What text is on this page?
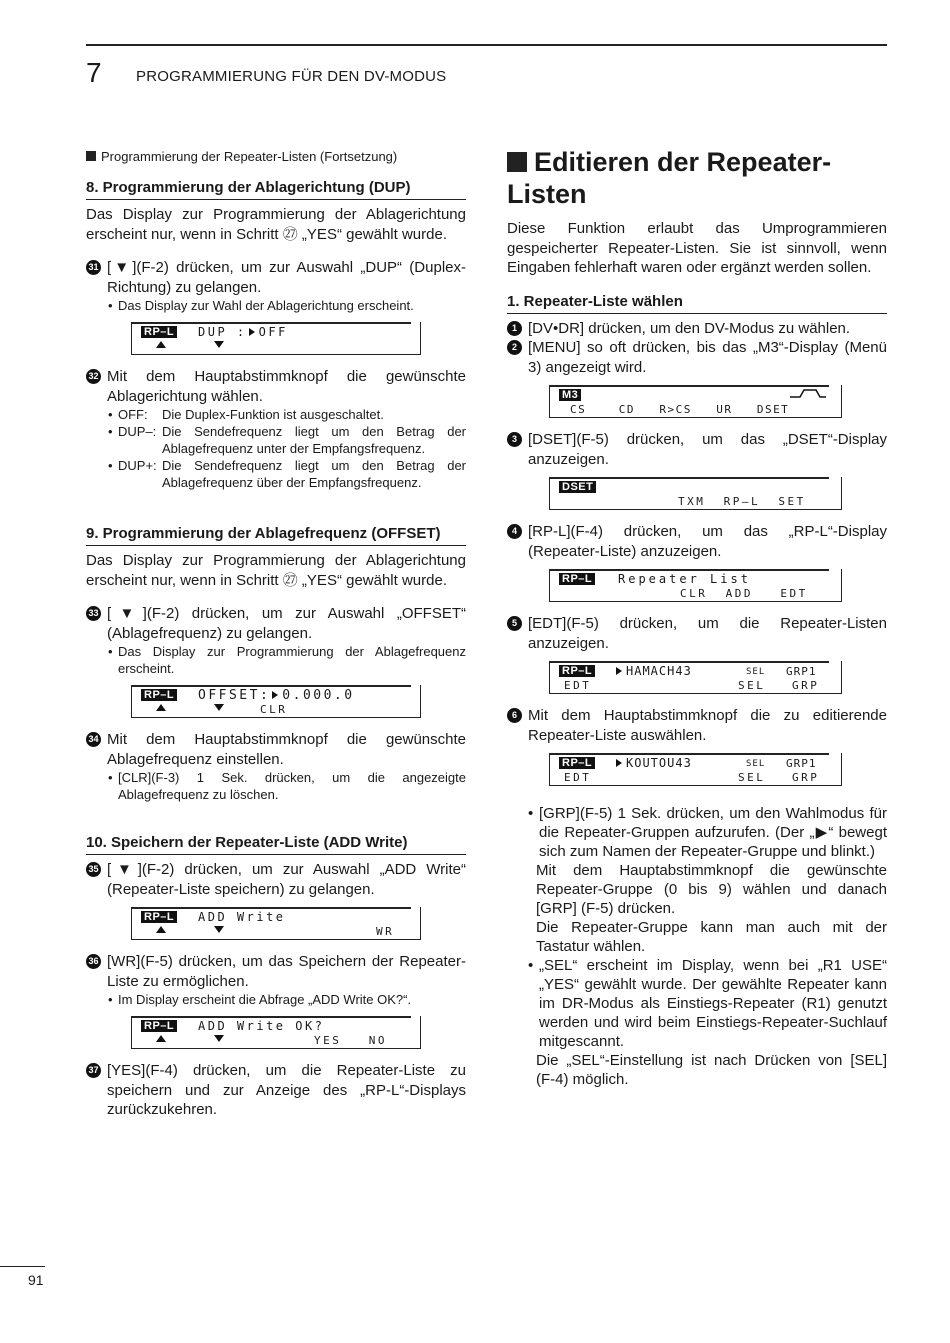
7 PROGRAMMIERUNG FÜR DEN DV-MODUS
Programmierung der Repeater-Listen (Fortsetzung)
8. Programmierung der Ablagerichtung (DUP)
Das Display zur Programmierung der Ablagerichtung erscheint nur, wenn in Schritt ㉗ „YES“ gewählt wurde.
31 [▼](F-2) drücken, um zur Auswahl „DUP“ (Duplex-Richtung) zu gelangen.
• Das Display zur Wahl der Ablagerichtung erscheint.
RP–L DUP : OFF
32 Mit dem Hauptabstimmknopf die gewünschte Ablagerichtung wählen.
• OFF:	Die Duplex-Funktion ist ausgeschaltet.
• DUP–: Die Sendefrequenz liegt um den Betrag der Ablagefrequenz unter der Empfangsfrequenz.
• DUP+: Die Sendefrequenz liegt um den Betrag der Ablagefrequenz über der Empfangsfrequenz.
9. Programmierung der Ablagefrequenz (OFFSET)
Das Display zur Programmierung der Ablagerichtung erscheint nur, wenn in Schritt ㉗ „YES“ gewählt wurde.
33 [▼](F-2) drücken, um zur Auswahl „OFFSET“ (Ablagefrequenz) zu gelangen.
• Das Display zur Programmierung der Ablagefrequenz erscheint.
RP–L OFFSET: 0.000.0
CLR
34 Mit dem Hauptabstimmknopf die gewünschte Ablagefrequenz einstellen.
• [CLR](F-3) 1 Sek. drücken, um die angezeigte Ablagefrequenz zu löschen.
10. Speichern der Repeater-Liste (ADD Write)
35 [▼](F-2) drücken, um zur Auswahl „ADD Write“ (Repeater-Liste speichern) zu gelangen.
RP–L ADD Write
WR
36 [WR](F-5) drücken, um das Speichern der Repeater-Liste zu ermöglichen.
• Im Display erscheint die Abfrage „ADD Write OK?“.
RP–L ADD Write OK?
YES   NO
37 [YES](F-4) drücken, um die Repeater-Liste zu speichern und zur Anzeige des „RP-L“-Displays zurückzukehren.
Editieren der Repeater-Listen
Diese Funktion erlaubt das Umprogrammieren gespeicherter Repeater-Listen. Sie ist sinnvoll, wenn Eingaben fehlerhaft waren oder ergänzt werden sollen.
1. Repeater-Liste wählen
1 [DV•DR] drücken, um den DV-Modus zu wählen.
2 [MENU] so oft drücken, bis das „M3“-Display (Menü 3) angezeigt wird.
M3
CS    CD   R>CS   UR   DSET
3 [DSET](F-5) drücken, um das „DSET“-Display anzuzeigen.
DSET
TXM  RP–L  SET
4 [RP-L](F-4) drücken, um das „RP-L“-Display (Repeater-Liste) anzuzeigen.
RP–L Repeater List
CLR  ADD   EDT
5 [EDT](F-5) drücken, um die Repeater-Listen anzuzeigen.
RP–L	HAMACH43	SEL GRP1
EDT	SEL GRP
6 Mit dem Hauptabstimmknopf die zu editierende Repeater-Liste auswählen.
RP–L	KOUTOU43	SEL GRP1
EDT	SEL GRP
• [GRP](F-5) 1 Sek. drücken, um den Wahlmodus für die Repeater-Gruppen aufzurufen. (Der „▶“ bewegt sich zum Namen der Repeater-Gruppe und blinkt.)
Mit dem Hauptabstimmknopf die gewünschte Repeater-Gruppe (0 bis 9) wählen und danach [GRP] (F-5) drücken.
Die Repeater-Gruppe kann man auch mit der Tastatur wählen.
• „SEL“ erscheint im Display, wenn bei „R1 USE“ „YES“ gewählt wurde. Der gewählte Repeater kann im DR-Modus als Einstiegs-Repeater (R1) genutzt werden und wird beim Einstiegs-Repeater-Suchlauf mitgescannt.
Die „SEL“-Einstellung ist nach Drücken von [SEL] (F-4) möglich.
91
